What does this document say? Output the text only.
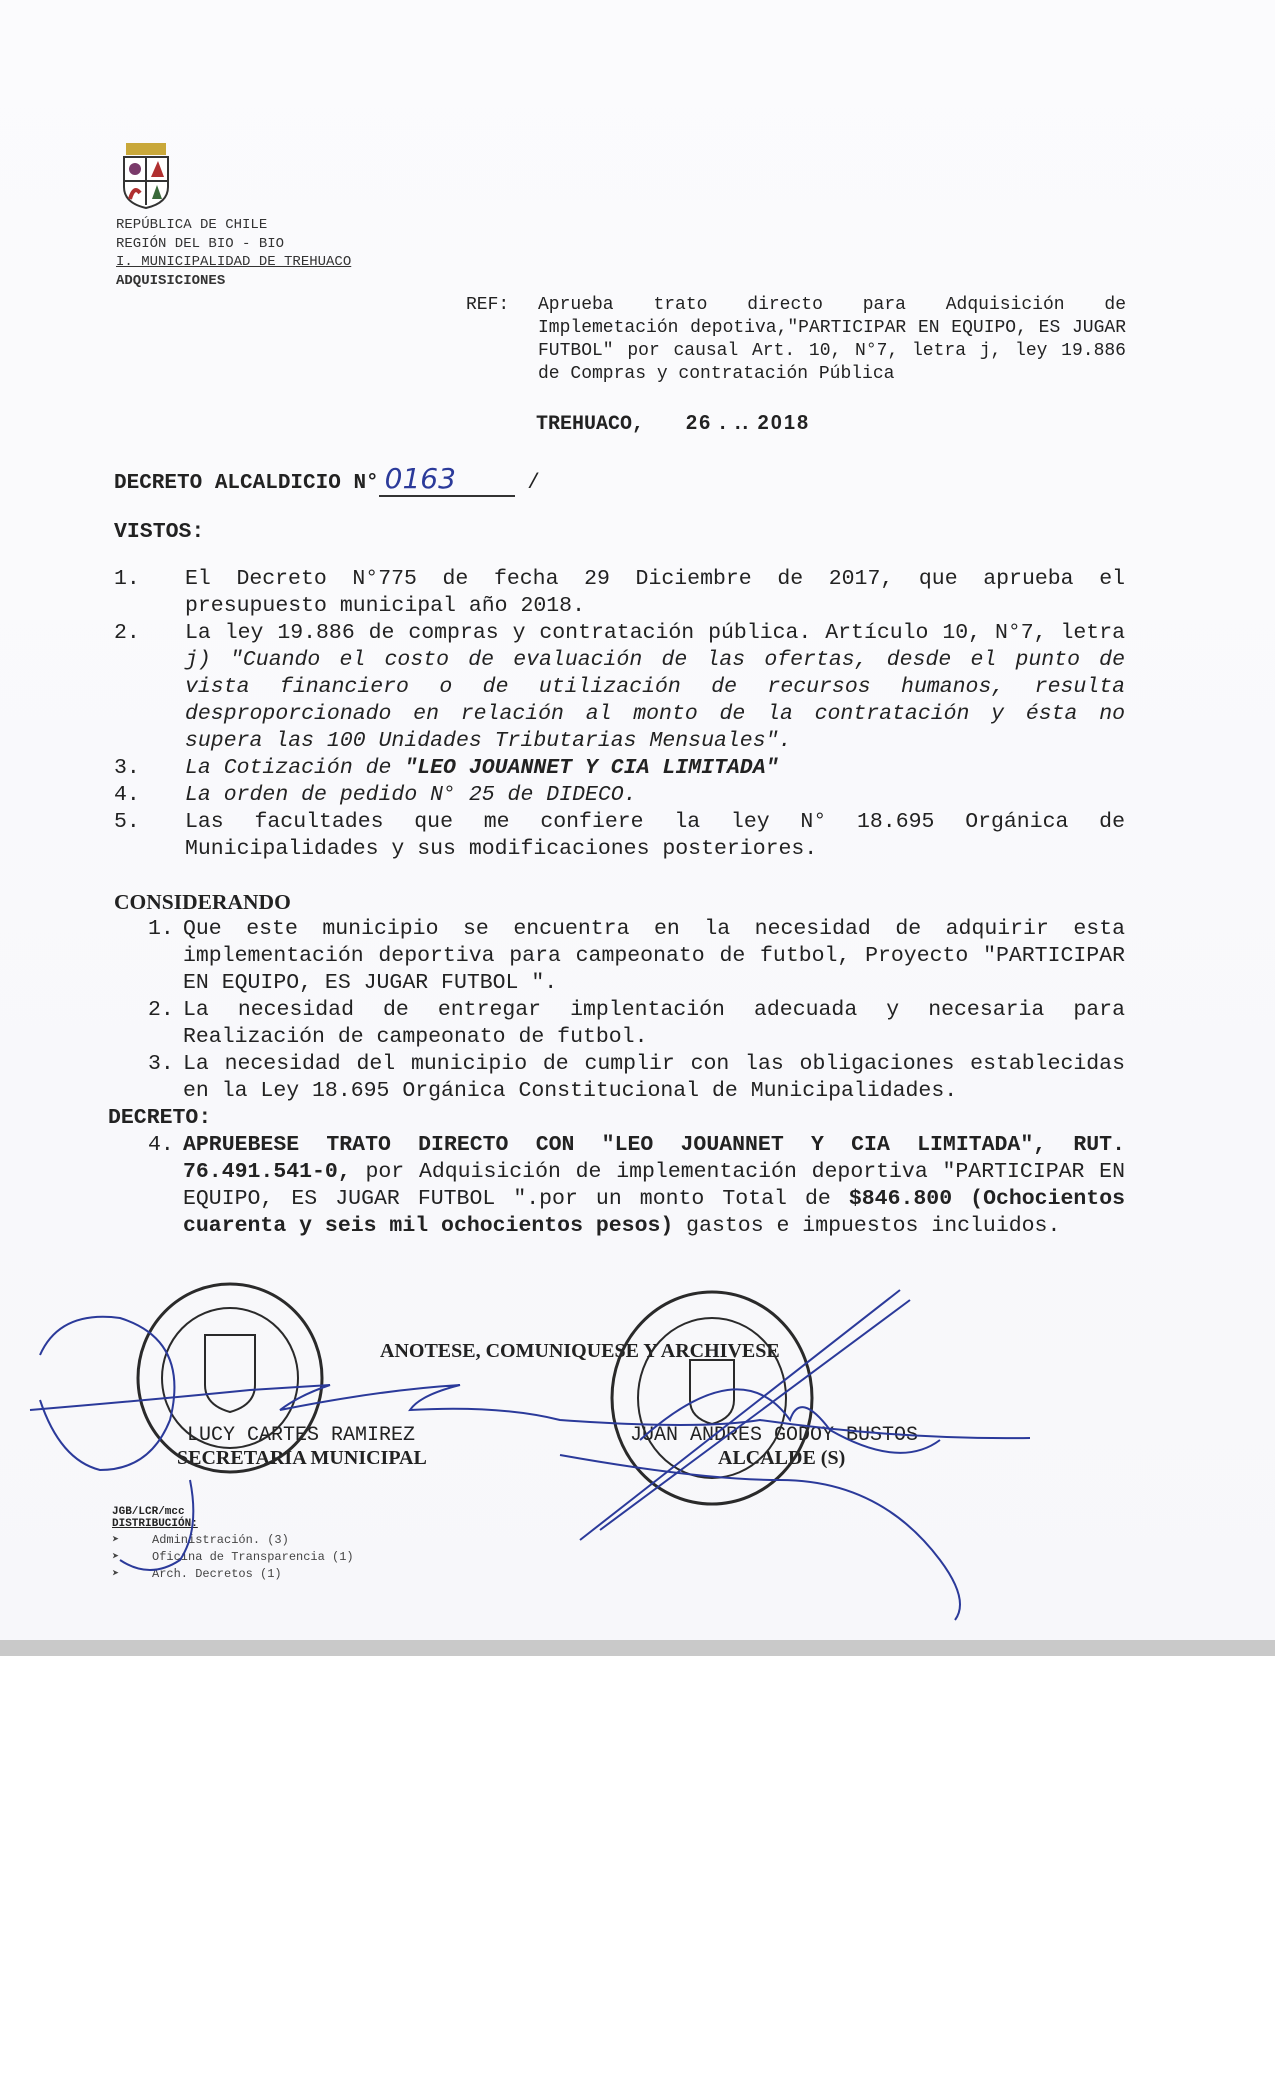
REPÚBLICA DE CHILE
REGIÓN DEL BIO - BIO
I. MUNICIPALIDAD DE TREHUACO
ADQUISICIONES
REF: Aprueba trato directo para Adquisición de Implemetación depotiva,"PARTICIPAR EN EQUIPO, ES JUGAR FUTBOL" por causal Art. 10, N°7, letra j, ley 19.886 de Compras y contratación Pública
TREHUACO, 26 . .. 2018
DECRETO ALCALDICIO N° 0163	/
VISTOS:
1. El Decreto N°775 de fecha 29 Diciembre de 2017, que aprueba el presupuesto municipal año 2018.
2. La ley 19.886 de compras y contratación pública. Artículo 10, N°7, letra j) "Cuando el costo de evaluación de las ofertas, desde el punto de vista financiero o de utilización de recursos humanos, resulta desproporcionado en relación al monto de la contratación y ésta no supera las 100 Unidades Tributarias Mensuales".
3. La Cotización de "LEO JOUANNET Y CIA LIMITADA"
4. La orden de pedido N° 25 de DIDECO.
5. Las facultades que me confiere la ley N° 18.695 Orgánica de Municipalidades y sus modificaciones posteriores.
CONSIDERANDO
1. Que este municipio se encuentra en la necesidad de adquirir esta implementación deportiva para campeonato de futbol, Proyecto "PARTICIPAR EN EQUIPO, ES JUGAR FUTBOL ".
2. La necesidad de entregar implentación adecuada y necesaria para Realización de campeonato de futbol.
3. La necesidad del municipio de cumplir con las obligaciones establecidas en la Ley 18.695 Orgánica Constitucional de Municipalidades.
DECRETO:
4. APRUEBESE TRATO DIRECTO CON "LEO JOUANNET Y CIA LIMITADA", RUT. 76.491.541-0, por Adquisición de implementación deportiva "PARTICIPAR EN EQUIPO, ES JUGAR FUTBOL ".por un monto Total de $846.800 (Ochocientos cuarenta y seis mil ochocientos pesos) gastos e impuestos incluidos.
ANOTESE, COMUNIQUESE Y ARCHIVESE
LUCY CARTES RAMIREZ
SECRETARIA MUNICIPAL
JUAN ANDRES GODOY BUSTOS
ALCALDE (S)
JGB/LCR/mcc
DISTRIBUCIÓN:
➤	Administración. (3)
➤	Oficina de Transparencia (1)
➤	Arch. Decretos (1)
